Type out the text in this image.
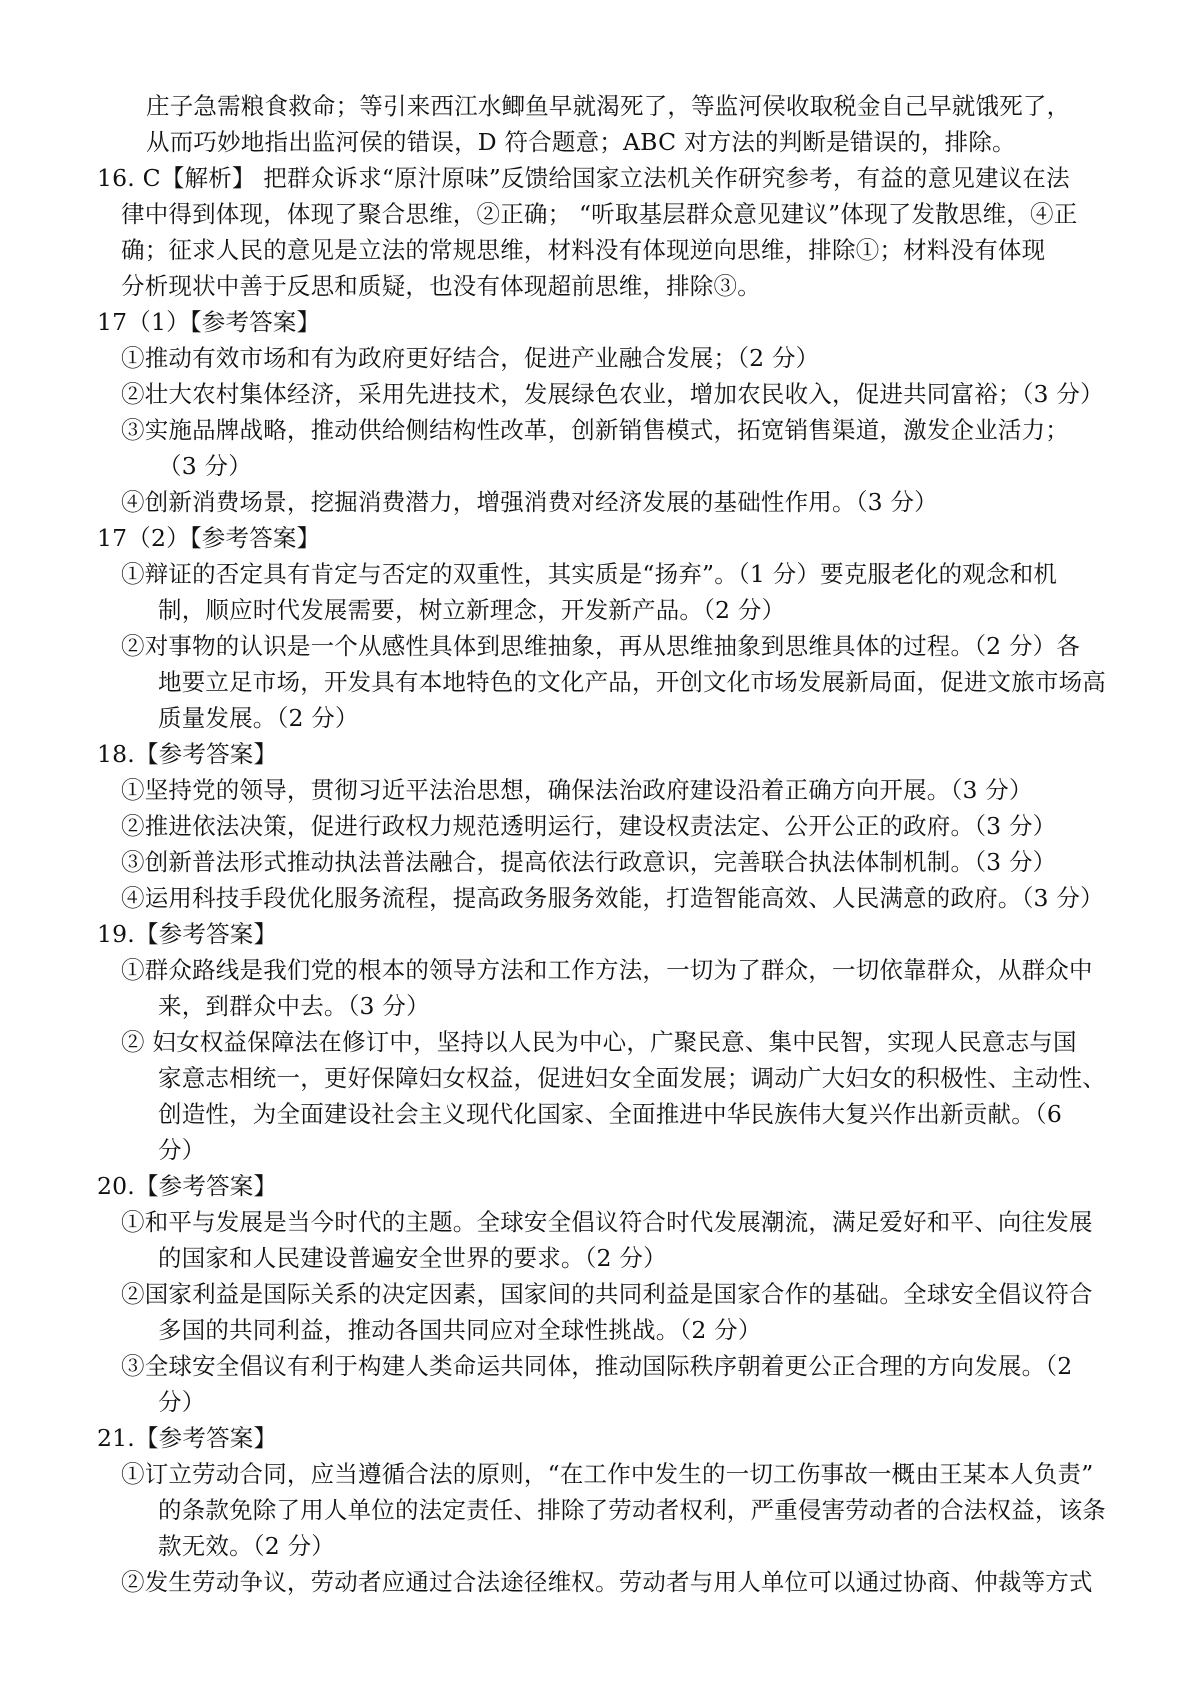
庄子急需粮食救命；等引来西江水鲫鱼早就渴死了，等监河侯收取税金自己早就饿死了，
从而巧妙地指出监河侯的错误，D 符合题意；ABC 对方法的判断是错误的，排除。
16. C【解析】 把群众诉求“原汁原味”反馈给国家立法机关作研究参考，有益的意见建议在法
律中得到体现，体现了聚合思维，②正确； “听取基层群众意见建议”体现了发散思维，④正
确；征求人民的意见是立法的常规思维，材料没有体现逆向思维，排除①；材料没有体现
分析现状中善于反思和质疑，也没有体现超前思维，排除③。
17（1）【参考答案】
①推动有效市场和有为政府更好结合，促进产业融合发展；（2 分）
②壮大农村集体经济，采用先进技术，发展绿色农业，增加农民收入，促进共同富裕；（3 分）
③实施品牌战略，推动供给侧结构性改革，创新销售模式，拓宽销售渠道，激发企业活力；
（3 分）
④创新消费场景，挖掘消费潜力，增强消费对经济发展的基础性作用。（3 分）
17（2）【参考答案】
①辩证的否定具有肯定与否定的双重性，其实质是“扬弃”。（1 分）要克服老化的观念和机
制，顺应时代发展需要，树立新理念，开发新产品。（2 分）
②对事物的认识是一个从感性具体到思维抽象，再从思维抽象到思维具体的过程。（2 分）各
地要立足市场，开发具有本地特色的文化产品，开创文化市场发展新局面，促进文旅市场高
质量发展。（2 分）
18.【参考答案】
①坚持党的领导，贯彻习近平法治思想，确保法治政府建设沿着正确方向开展。（3 分）
②推进依法决策，促进行政权力规范透明运行，建设权责法定、公开公正的政府。（3 分）
③创新普法形式推动执法普法融合，提高依法行政意识，完善联合执法体制机制。（3 分）
④运用科技手段优化服务流程，提高政务服务效能，打造智能高效、人民满意的政府。（3 分）
19.【参考答案】
①群众路线是我们党的根本的领导方法和工作方法，一切为了群众，一切依靠群众，从群众中
来，到群众中去。（3 分）
② 妇女权益保障法在修订中，坚持以人民为中心，广聚民意、集中民智，实现人民意志与国
家意志相统一，更好保障妇女权益，促进妇女全面发展；调动广大妇女的积极性、主动性、
创造性，为全面建设社会主义现代化国家、全面推进中华民族伟大复兴作出新贡献。（6
分）
20.【参考答案】
①和平与发展是当今时代的主题。全球安全倡议符合时代发展潮流，满足爱好和平、向往发展
的国家和人民建设普遍安全世界的要求。（2 分）
②国家利益是国际关系的决定因素，国家间的共同利益是国家合作的基础。全球安全倡议符合
多国的共同利益，推动各国共同应对全球性挑战。（2 分）
③全球安全倡议有利于构建人类命运共同体，推动国际秩序朝着更公正合理的方向发展。（2
分）
21.【参考答案】
①订立劳动合同，应当遵循合法的原则，“在工作中发生的一切工伤事故一概由王某本人负责”
的条款免除了用人单位的法定责任、排除了劳动者权利，严重侵害劳动者的合法权益，该条
款无效。（2 分）
②发生劳动争议，劳动者应通过合法途径维权。劳动者与用人单位可以通过协商、仲裁等方式
